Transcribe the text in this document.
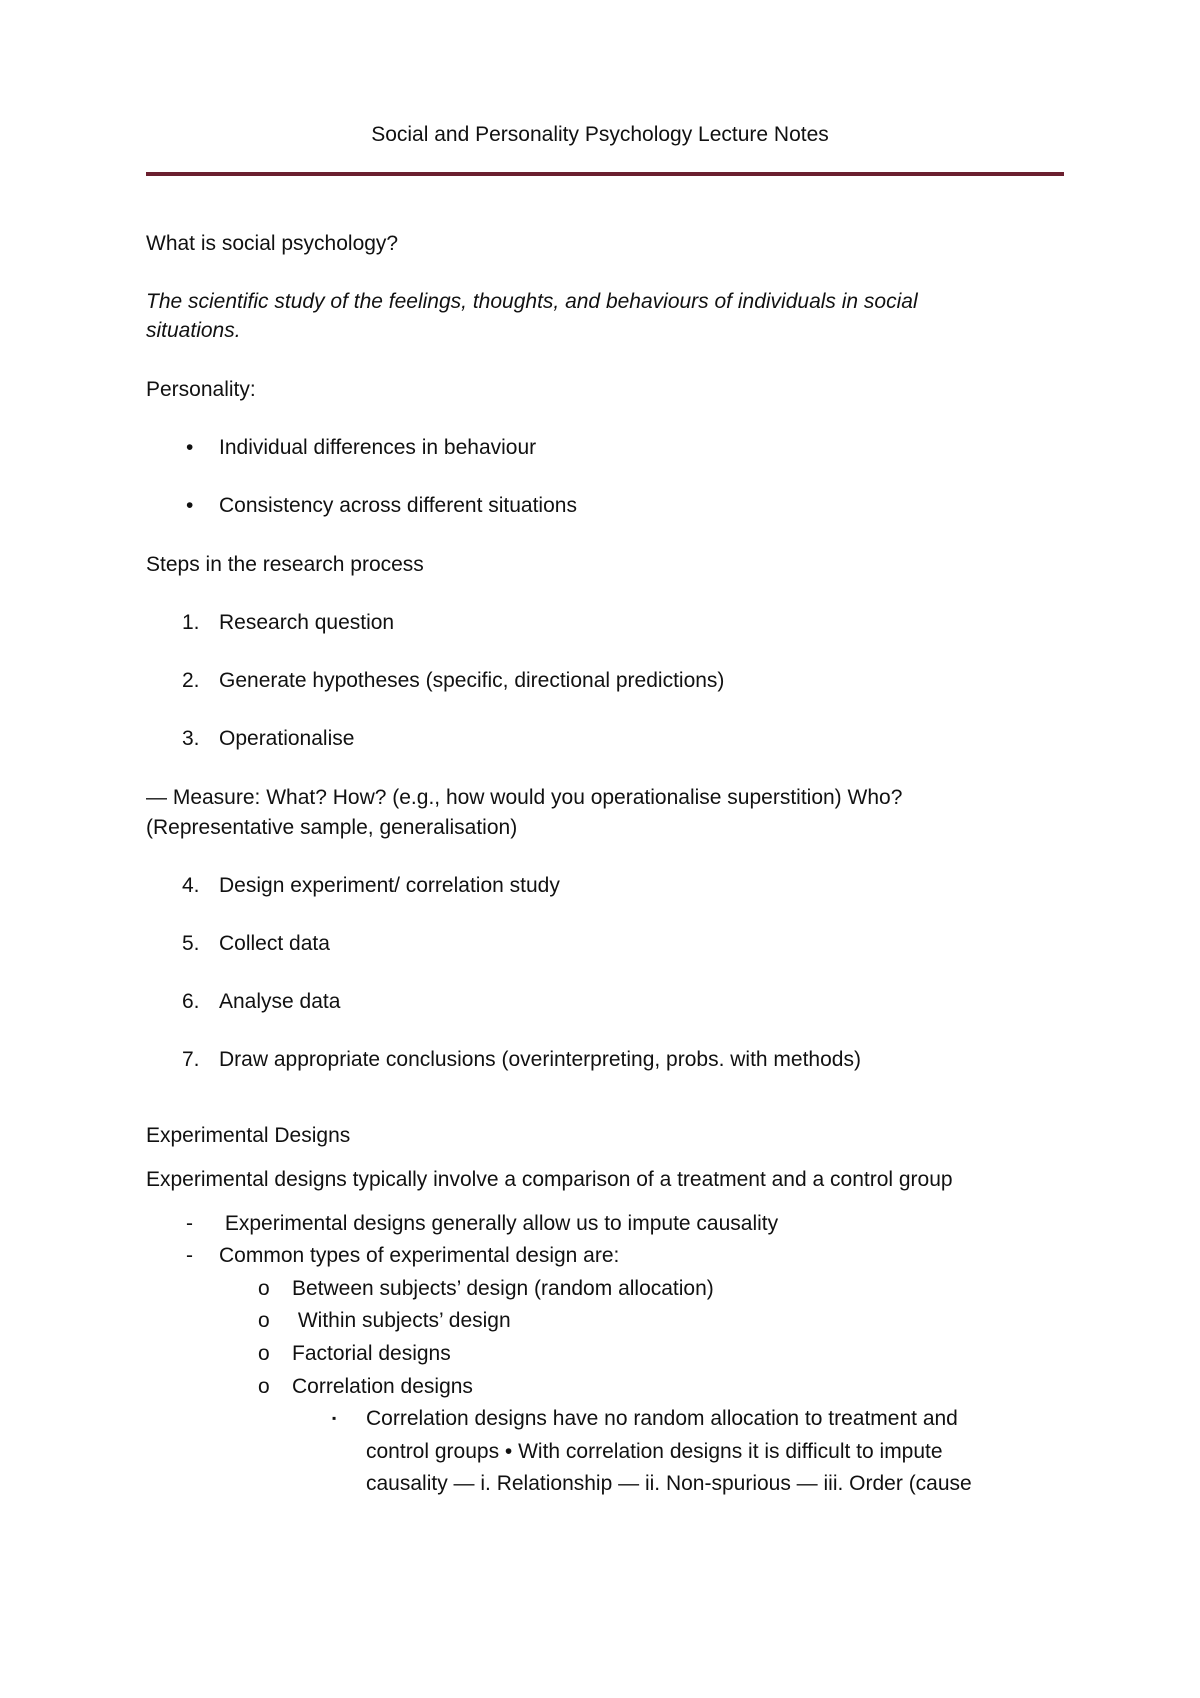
Social and Personality Psychology Lecture Notes

What is social psychology?

The scientific study of the feelings, thoughts, and behaviours of individuals in social

situations.

Personality:

• Individual differences in behaviour

• Consistency across different situations

Steps in the research process

1. Research question

2. Generate hypotheses (specific, directional predictions)

3. Operationalise

— Measure: What? How? (e.g., how would you operationalise superstition) Who?

(Representative sample, generalisation)

4. Design experiment/ correlation study

5. Collect data

6. Analyse data

7. Draw appropriate conclusions (overinterpreting, probs. with methods)

Experimental Designs

Experimental designs typically involve a comparison of a treatment and a control group

- Experimental designs generally allow us to impute causality

- Common types of experimental design are:

o Between subjects’ design (random allocation)

o Within subjects’ design

o Factorial designs

o Correlation designs

▪ Correlation designs have no random allocation to treatment and

control groups • With correlation designs it is difficult to impute

causality — i. Relationship — ii. Non-spurious — iii. Order (cause
